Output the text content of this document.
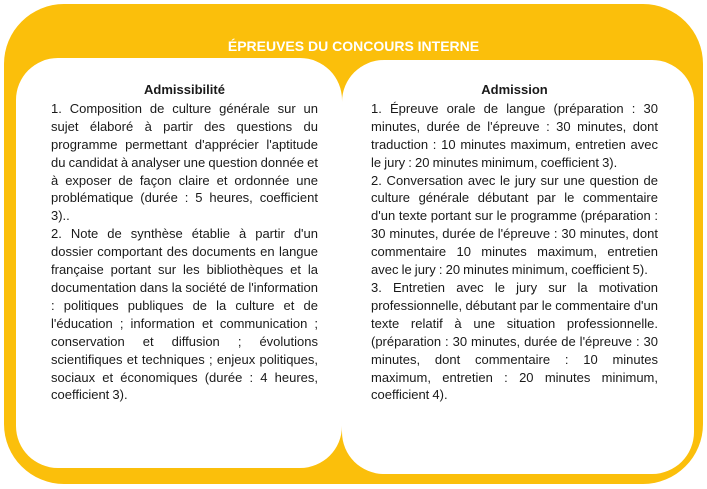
ÉPREUVES DU CONCOURS INTERNE
Admissibilité

1. Composition de culture générale sur un sujet élaboré à partir des questions du programme permettant d'apprécier l'aptitude du candidat à analyser une question donnée et à exposer de façon claire et ordonnée une problématique (durée : 5 heures, coefficient 3)..

2. Note de synthèse établie à partir d'un dossier comportant des documents en langue française portant sur les bibliothèques et la documentation dans la société de l'information : politiques publiques de la culture et de l'éducation ; information et communication ; conservation et diffusion ; évolutions scientifiques et techniques ; enjeux politiques, sociaux et économiques (durée : 4 heures, coefficient 3).

Admission

1. Épreuve orale de langue (préparation : 30 minutes, durée de l'épreuve : 30 minutes, dont traduction : 10 minutes maximum, entretien avec le jury : 20 minutes minimum, coefficient 3).

2. Conversation avec le jury sur une question de culture générale débutant par le commentaire d'un texte portant sur le programme (préparation : 30 minutes, durée de l'épreuve : 30 minutes, dont commentaire 10 minutes maximum, entretien avec le jury : 20 minutes minimum, coefficient 5).

3. Entretien avec le jury sur la motivation professionnelle, débutant par le commentaire d'un texte relatif à une situation professionnelle. (préparation : 30 minutes, durée de l'épreuve : 30 minutes, dont commentaire : 10 minutes maximum, entretien : 20 minutes minimum, coefficient 4).
